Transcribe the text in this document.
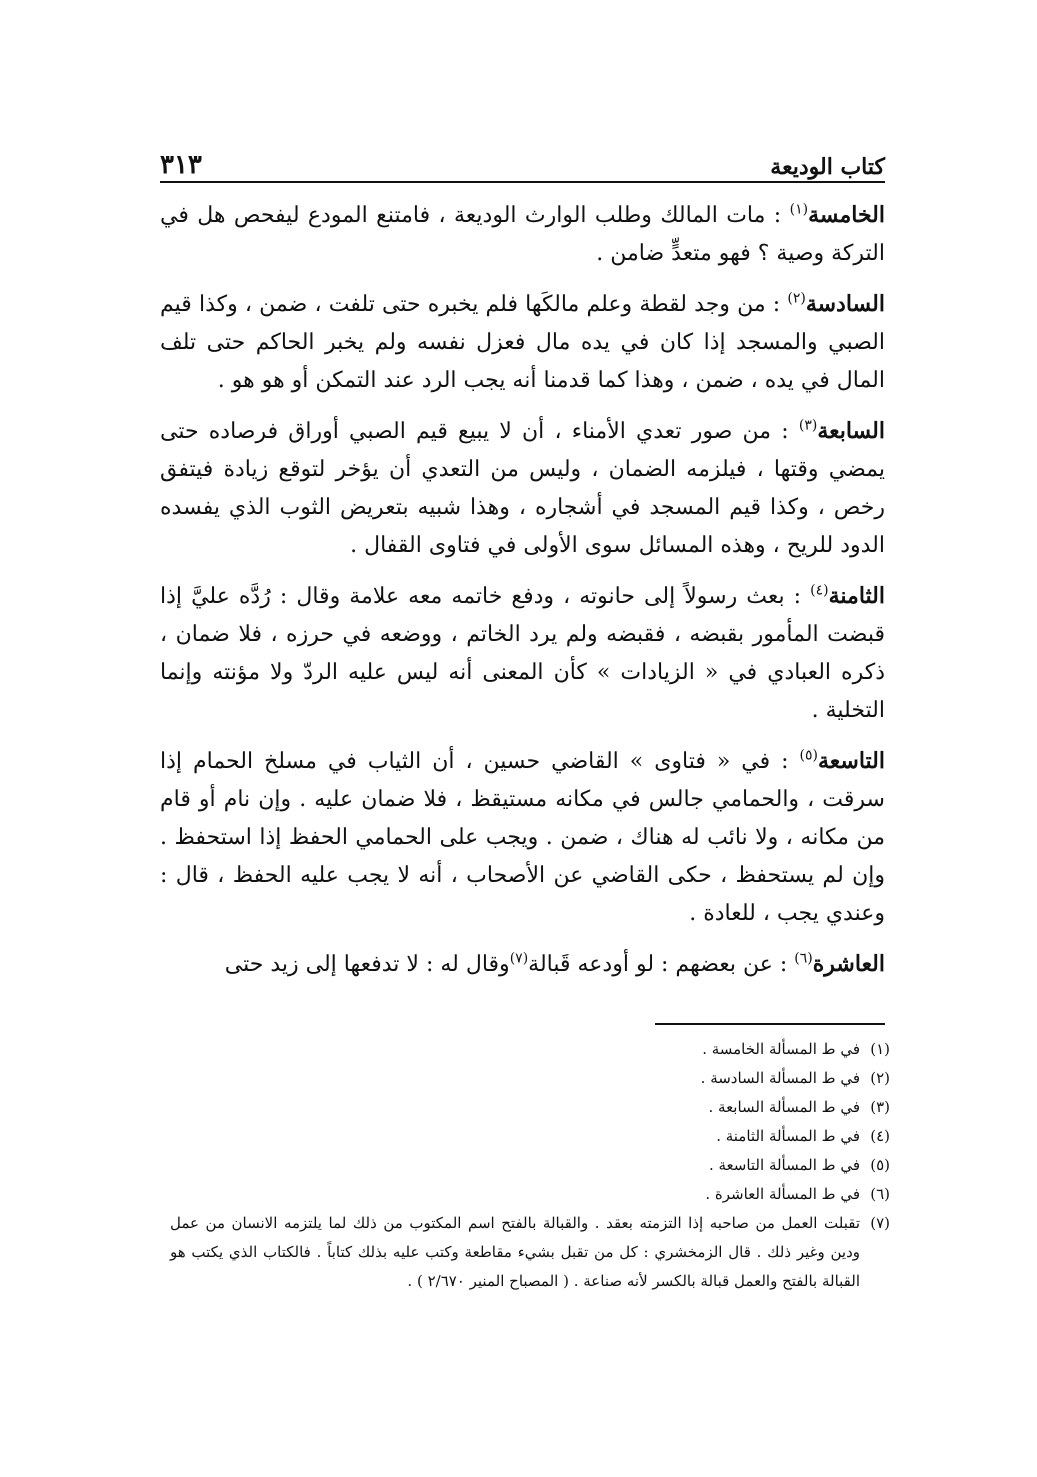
كتاب الوديعة
٣١٣

الخامسة$^{(١)}$ : مات المالك وطلب الوارث الوديعة ، فامتنع المودع ليفحص هل في التركة وصية ؟ فهو متعدٍّ ضامن .

السادسة$^{(٢)}$ : من وجد لقطة وعلم مالكَها فلم يخبره حتى تلفت ، ضمن ، وكذا قيم الصبي والمسجد إذا كان في يده مال فعزل نفسه ولم يخبر الحاكم حتى تلف المال في يده ، ضمن ، وهذا كما قدمنا أنه يجب الرد عند التمكن أو هو هو .

السابعة$^{(٣)}$ : من صور تعدي الأمناء ، أن لا يبيع قيم الصبي أوراق فرصاده حتى يمضي وقتها ، فيلزمه الضمان ، وليس من التعدي أن يؤخر لتوقع زيادة فيتفق رخص ، وكذا قيم المسجد في أشجاره ، وهذا شبيه بتعريض الثوب الذي يفسده الدود للريح ، وهذه المسائل سوى الأولى في فتاوى القفال .

الثامنة$^{(٤)}$ : بعث رسولاً إلى حانوته ، ودفع خاتمه معه علامة وقال : رُدَّه عليَّ إذا قبضت المأمور بقبضه ، فقبضه ولم يرد الخاتم ، ووضعه في حرزه ، فلا ضمان ، ذكره العبادي في « الزيادات » كأن المعنى أنه ليس عليه الردّ ولا مؤنته وإنما التخلية .

التاسعة$^{(٥)}$ : في « فتاوى » القاضي حسين ، أن الثياب في مسلخ الحمام إذا سرقت ، والحمامي جالس في مكانه مستيقظ ، فلا ضمان عليه . وإن نام أو قام من مكانه ، ولا نائب له هناك ، ضمن . ويجب على الحمامي الحفظ إذا استحفظ . وإن لم يستحفظ ، حكى القاضي عن الأصحاب ، أنه لا يجب عليه الحفظ ، قال : وعندي يجب ، للعادة .

العاشرة$^{(٦)}$ : عن بعضهم : لو أودعه قَبالة$^{(٧)}$وقال له : لا تدفعها إلى زيد حتى

(١)
في ط المسألة الخامسة .
(٢)
في ط المسألة السادسة .
(٣)
في ط المسألة السابعة .
(٤)
في ط المسألة الثامنة .
(٥)
في ط المسألة التاسعة .
(٦)
في ط المسألة العاشرة .
(٧)
تقبلت العمل من صاحبه إذا التزمته بعقد . والقبالة بالفتح اسم المكتوب من ذلك لما يلتزمه الانسان من عمل ودين وغير ذلك . قال الزمخشري : كل من تقبل بشيء مقاطعة وكتب عليه بذلك كتاباً . فالكتاب الذي يكتب هو القبالة بالفتح والعمل قبالة بالكسر لأنه صناعة . ( المصباح المنير ٢/٦٧٠ ) .
